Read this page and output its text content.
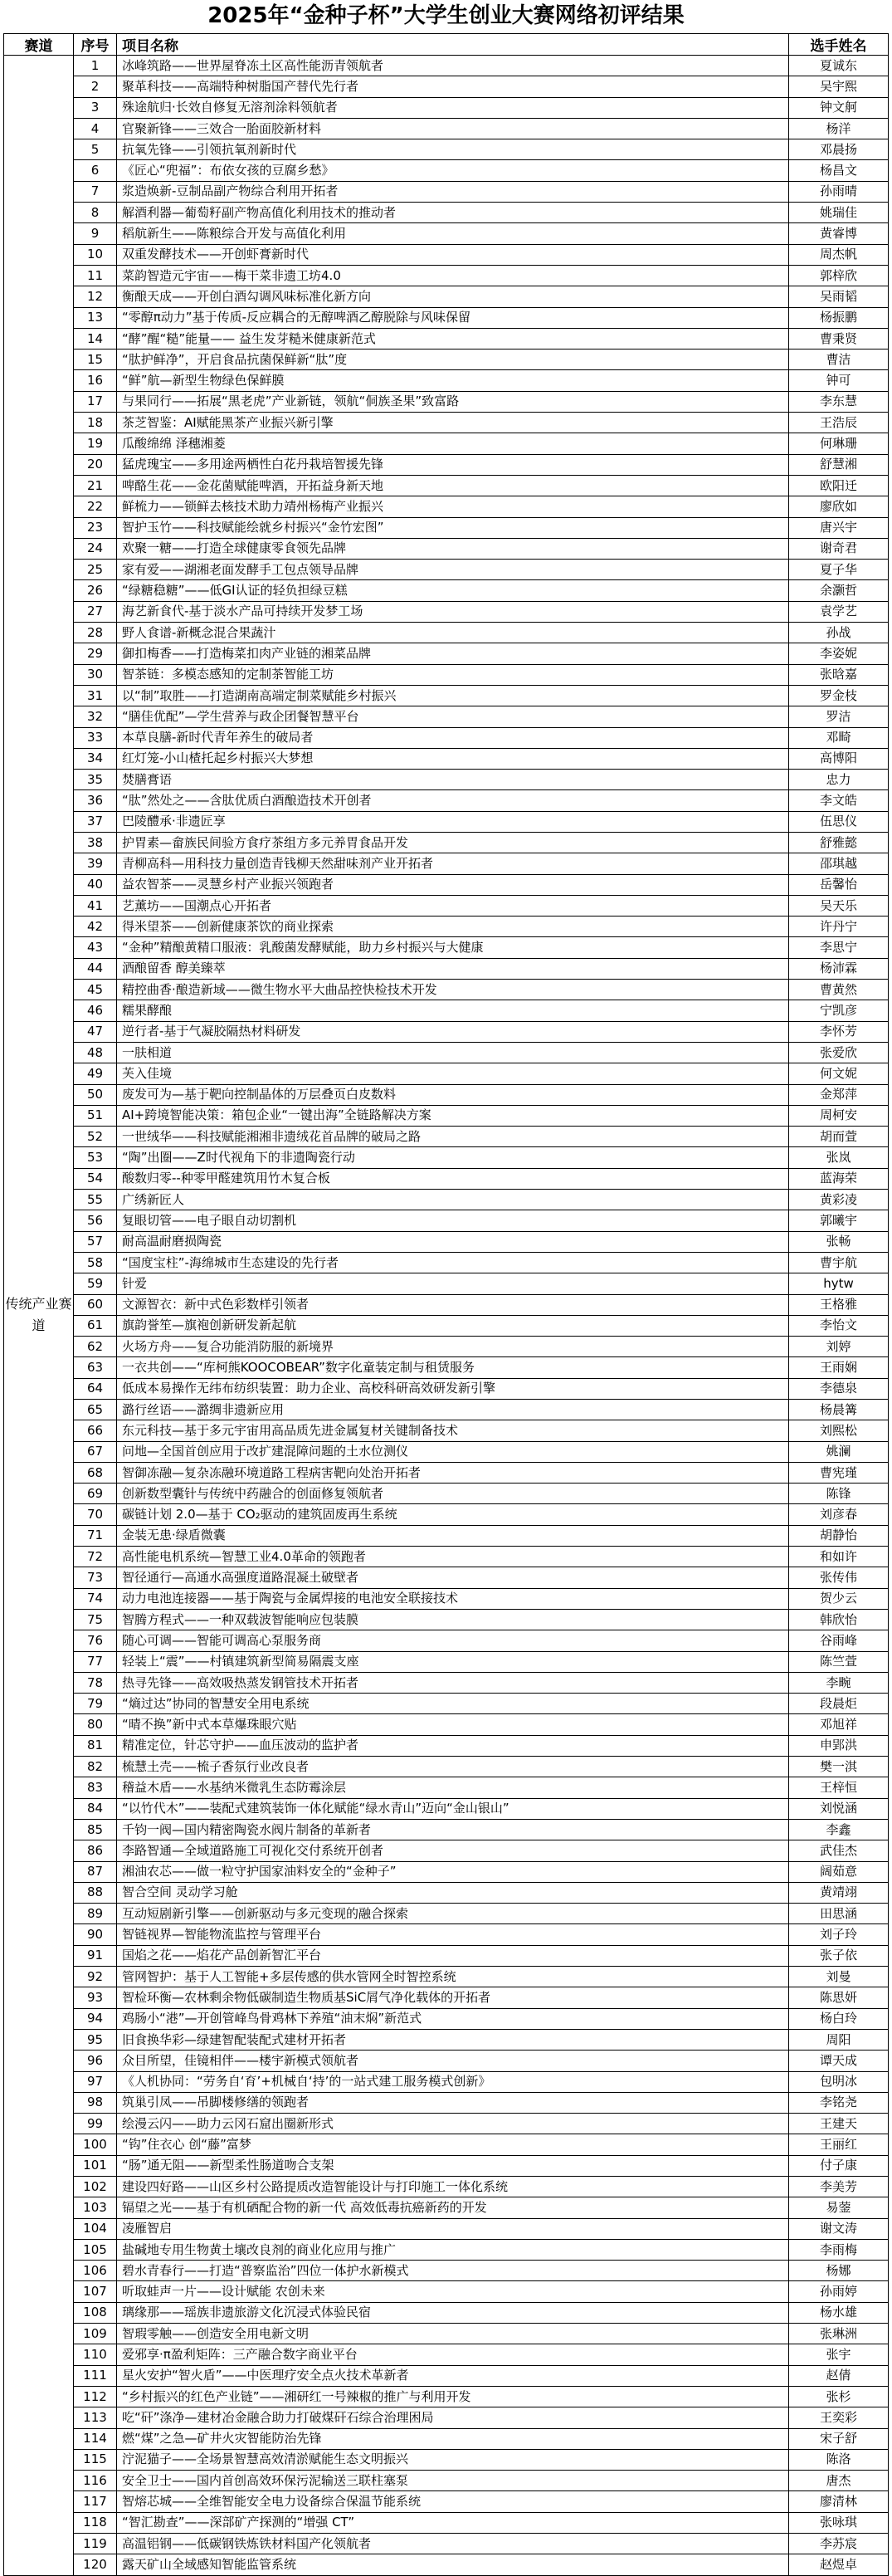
2025年“金种子杯”大学生创业大赛网络初评结果
赛道	序号	项目名称	选手姓名
传统产业赛道	1	冰峰筑路——世界屋脊冻土区高性能沥青领航者	夏诚东
	2	聚革科技——高端特种树脂国产替代先行者	吴宇熙
	3	殊途航归·长效自修复无溶剂涂料领航者	钟文舸
	4	官聚新锋——三效合一胎面胶新材料	杨洋
	5	抗氧先锋——引领抗氧剂新时代	邓晨扬
	6	《匠心“兜福”：布依女孩的豆腐乡愁》	杨昌文
	7	浆造焕新-豆制品副产物综合利用开拓者	孙雨晴
	8	解酒利器—葡萄籽副产物高值化利用技术的推动者	姚瑞佳
	9	稻航新生——陈粮综合开发与高值化利用	黄睿博
	10	双重发酵技术——开创虾膏新时代	周杰帆
	11	菜韵智造元宇宙——梅干菜非遗工坊4.0	郭梓欣
	12	衡酿天成——开创白酒勾调风味标准化新方向	吴雨韬
	13	“零醇π动力”基于传质-反应耦合的无醇啤酒乙醇脱除与风味保留	杨振鹏
	14	“酵”醒“糙”能量—— 益生发芽糙米健康新范式	曹秉贤
	15	“肽护鲜净”，开启食品抗菌保鲜新“肽”度	曹洁
	16	“鲜”航—新型生物绿色保鲜膜	钟可
	17	与果同行——拓展“黑老虎”产业新链，领航“侗族圣果”致富路	李东慧
	18	茶芝智鉴：AI赋能黑茶产业振兴新引擎	王浩辰
	19	瓜酸绵绵 泽穗湘菱	何琳珊
	20	猛虎瑰宝——多用途两栖性白花丹栽培智援先锋	舒慧湘
	21	啤酪生花——金花菌赋能啤酒，开拓益身新天地	欧阳迁
	22	鲜梳力——锁鲜去核技术助力靖州杨梅产业振兴	廖欣如
	23	智护玉竹——科技赋能绘就乡村振兴“金竹宏图”	唐兴宇
	24	欢聚一糖——打造全球健康零食领先品牌	谢奇君
	25	家有爱——湖湘老面发酵手工包点领导品牌	夏子华
	26	“绿糖稳糖”——低GI认证的轻负担绿豆糕	余灏哲
	27	海艺新食代-基于淡水产品可持续开发梦工场	袁学艺
	28	野人食谱-新概念混合果蔬汁	孙战
	29	御扣梅香——打造梅菜扣肉产业链的湘菜品牌	李姿妮
	30	智茶链：多模态感知的定制茶智能工坊	张晗嘉
	31	以“制”取胜——打造湖南高端定制菜赋能乡村振兴	罗金枝
	32	“膳佳优配”—学生营养与政企团餐智慧平台	罗洁
	33	本草良膳-新时代青年养生的破局者	邓畸
	34	红灯笼-小山楂托起乡村振兴大梦想	高博阳
	35	焚膳膏语	忠力
	36	“肽”然处之——含肽优质白酒酿造技术开创者	李文皓
	37	巴陵醴承·非遗匠享	伍思仪
	38	护胃素—畲族民间验方食疗茶组方多元养胃食品开发	舒雅懿
	39	青柳高科—用科技力量创造青钱柳天然甜味剂产业开拓者	邵琪越
	40	益农智茶——灵慧乡村产业振兴领跑者	岳馨怡
	41	艺薰坊——国潮点心开拓者	吴天乐
	42	得米望茶——创新健康茶饮的商业探索	许丹宁
	43	“金种”精酿黄精口服液：乳酸菌发酵赋能，助力乡村振兴与大健康	李思宁
	44	酒酿留香 醇美臻萃	杨沛霖
	45	精控曲香·酿造新域——微生物水平大曲品控快检技术开发	曹黄然
	46	糯果酵酿	宁凯彦
	47	逆行者-基于气凝胶隔热材料研发	李怀芳
	48	一肤相道	张爱欣
	49	芙入佳境	何文妮
	50	废发可为—基于靶向控制晶体的万层叠页白皮数料	金郑萍
	51	AI+跨境智能决策：箱包企业“一键出海”全链路解决方案	周柯安
	52	一世绒华——科技赋能湘湘非遗绒花首品牌的破局之路	胡而萱
	53	“陶”出圈——Z时代视角下的非遗陶瓷行动	张岚
	54	酸数归零--种零甲醛建筑用竹木复合板	蓝海荣
	55	广绣新匠人	黄彩凌
	56	复眼切管——电子眼自动切割机	郭曦宇
	57	耐高温耐磨损陶瓷	张畅
	58	“国度宝柱”-海绵城市生态建设的先行者	曹宇航
	59	针爱	hytw
	60	文源智衣：新中式色彩数样引领者	王格雅
	61	旗韵誉笙—旗袍创新研发新起航	李怡文
	62	火场方舟——复合功能消防服的新境界	刘婷
	63	一衣共创——“库柯熊KOOCOBEAR”数字化童装定制与租赁服务	王雨娴
	64	低成本易操作无纬布纺织装置：助力企业、高校科研高效研发新引擎	李德泉
	65	潞行丝语——潞绸非遗新应用	杨晨篝
	66	东元科技—基于多元宇宙用高品质先进金属复材关键制备技术	刘熙松
	67	问地—全国首创应用于改扩建混障问题的土水位测仪	姚澜
	68	智御冻融—复杂冻融环境道路工程病害靶向处治开拓者	曹宪瑾
	69	创新数型囊针与传统中药融合的创面修复领航者	陈锋
	70	碳链计划 2.0—基于 CO₂驱动的建筑固废再生系统	刘彦春
	71	金装无患·绿盾微囊	胡静怡
	72	高性能电机系统—智慧工业4.0革命的领跑者	和如许
	73	智径通行—高通水高强度道路混凝土破壁者	张传伟
	74	动力电池连接器——基于陶瓷与金属焊接的电池安全联接技术	贺少云
	75	智腾方程式——一种双载波智能响应包装膜	韩欣怡
	76	随心可调——智能可调高心泵服务商	谷雨峰
	77	轻装上“震”——村镇建筑新型简易隔震支座	陈竺萱
	78	热寻先锋——高效吸热蒸发钢管技术开拓者	李畹
	79	“熵过达”协同的智慧安全用电系统	段晨炬
	80	“晴不换”新中式本草爆珠眼穴贴	邓旭祥
	81	精准定位，针芯守护——血压波动的监护者	申郢洪
	82	梳慧土壳——梳子香氛行业改良者	樊一淇
	83	稽益木盾——水基纳米微乳生态防霉涂层	王梓恒
	84	“以竹代木”——装配式建筑装饰一体化赋能“绿水青山”迈向“金山银山”	刘悦涵
	85	千钧一阀—国内精密陶瓷水阀片制备的革新者	李鑫
	86	李路智通—全域道路施工可视化交付系统开创者	武佳杰
	87	湘油农芯——做一粒守护国家油料安全的“金种子”	阔茹意
	88	智合空间 灵动学习舱	黄靖翊
	89	互动短剧新引擎——创新驱动与多元变现的融合探索	田思涵
	90	智链视界—智能物流监控与管理平台	刘子玲
	91	国焰之花——焰花产品创新智汇平台	张子依
	92	管网智护：基于人工智能+多层传感的供水管网全时智控系统	刘曼
	93	智检环衡—农林剩余物低碳制造生物质基SiC屑气净化载体的开拓者	陈思妍
	94	鸡肠小“港”—开创管峰鸟骨鸡林下养殖“油末焖”新范式	杨白玲
	95	旧食换华彩—绿建智配装配式建材开拓者	周阳
	96	众目所望，佳镜相伴——楼宇新模式领航者	谭天成
	97	《人机协同：“劳务自‘育’+机械自‘持’的一站式建工服务模式创新》	包明冰
	98	筑巢引凤——吊脚楼修缮的领跑者	李铭尧
	99	绘漫云闪——助力云冈石窟出圈新形式	王建天
	100	“钩”住衣心 创“藤”富梦	王丽红
	101	“肠”通无阻——新型柔性肠道吻合支架	付子康
	102	建设四好路——山区乡村公路提质改造智能设计与打印施工一体化系统	李美芳
	103	镉望之光——基于有机硒配合物的新一代 高效低毒抗癌新药的开发	易蓥
	104	凌雁智启	谢文涛
	105	盐碱地专用生物黄土壤改良剂的商业化应用与推广	李雨梅
	106	碧水青春行——打造“普察监治”四位一体护水新模式	杨娜
	107	听取蛙声一片——设计赋能 农创未来	孙雨婷
	108	璃缘那——瑶族非遗旅游文化沉浸式体验民宿	杨水雄
	109	智瑕零触——创造安全用电新文明	张琳洲
	110	爱邪享·π盈利矩阵：三产融合数字商业平台	张宇
	111	星火安护“智火盾”——中医理疗安全点火技术革新者	赵倩
	112	“乡村振兴的红色产业链”——湘研红一号辣椒的推广与利用开发	张杉
	113	吃“矸”涤净—建材冶金融合助力打破煤矸石综合治理困局	王奕彩
	114	燃“煤”之急—矿井火灾智能防治先锋	宋子舒
	115	泞泥猫子——全场景智慧高效清淤赋能生态文明振兴	陈洛
	116	安全卫士——国内首创高效环保污泥输送三联柱塞泵	唐杰
	117	智熔芯城——全维智能安全电力设备综合保温节能系统	廖清林
	118	“智汇勘查”——深部矿产探测的“增强 CT”	张咏琪
	119	高温铝钢——低碳钢铁炼铁材料国产化领航者	李苏宸
	120	露天矿山全域感知智能监管系统	赵煜卓
